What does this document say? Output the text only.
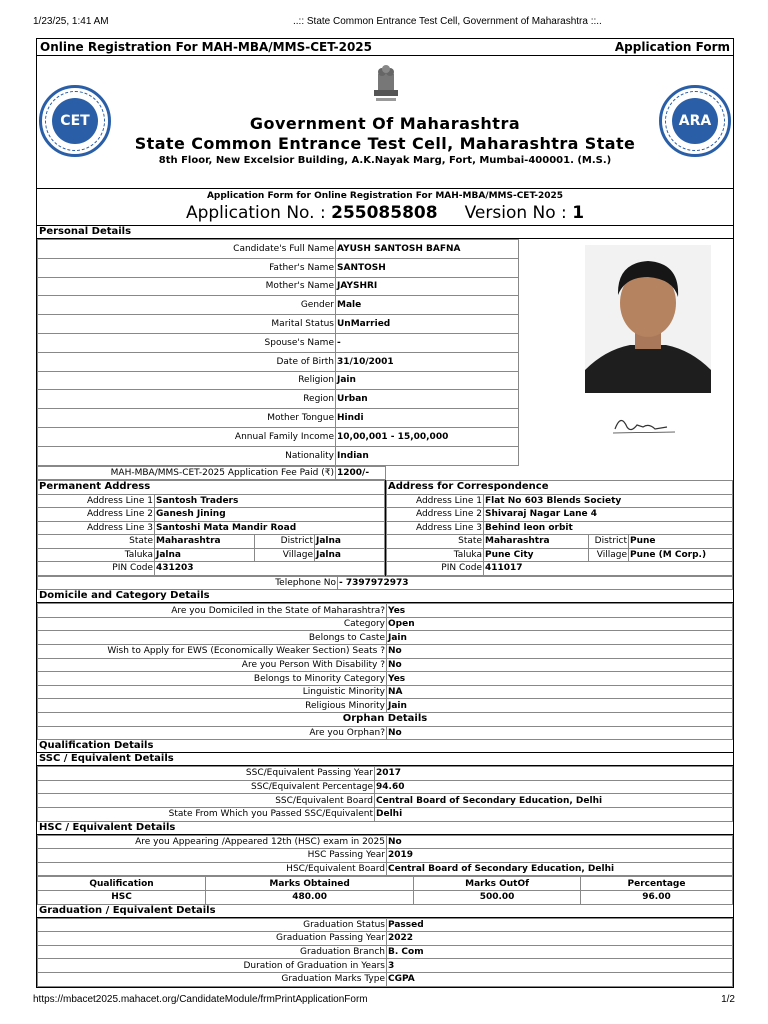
1/23/25, 1:41 AM	..:: State Common Entrance Test Cell, Government of Maharashtra ::..
Online Registration For MAH-MBA/MMS-CET-2025	Application Form
CET	Government Of Maharashtra
State Common Entrance Test Cell, Maharashtra State
8th Floor, New Excelsior Building, A.K.Nayak Marg, Fort, Mumbai-400001. (M.S.)
ARA
Application Form for Online Registration For MAH-MBA/MMS-CET-2025
Application No. : 255085808 Version No : 1
Personal Details
Candidate's Full Name	AYUSH SANTOSH BAFNA
Father's Name	SANTOSH
Mother's Name	JAYSHRI
Gender	Male
Marital Status	UnMarried
Spouse's Name	-
Date of Birth	31/10/2001
Religion	Jain
Region	Urban
Mother Tongue	Hindi
Annual Family Income	10,00,001 - 15,00,000
Nationality	Indian
MAH-MBA/MMS-CET-2025 Application Fee Paid (₹)	1200/-	
Permanent Address			
Address Line 1	Santosh Traders		
Address Line 2	Ganesh Jining		
Address Line 3	Santoshi Mata Mandir Road		
State	Maharashtra	District	Jalna
Taluka	Jalna	Village	Jalna
PIN Code	431203		
Address for Correspondence			
Address Line 1	Flat No 603 Blends Society		
Address Line 2	Shivaraj Nagar Lane 4		
Address Line 3	Behind leon orbit		
State	Maharashtra	District	Pune
Taluka	Pune City	Village	Pune (M Corp.)
PIN Code	411017		
Telephone No	- 7397972973
Domicile and Category Details
Are you Domiciled in the State of Maharashtra?	Yes
Category	Open
Belongs to Caste	Jain
Wish to Apply for EWS (Economically Weaker Section) Seats ?	No
Are you Person With Disability ?	No
Belongs to Minority Category	Yes
Linguistic Minority	NA
Religious Minority	Jain
Orphan Details	
Are you Orphan?	No
Qualification Details
SSC / Equivalent Details
SSC/Equivalent Passing Year	2017
SSC/Equivalent Percentage	94.60
SSC/Equivalent Board	Central Board of Secondary Education, Delhi
State From Which you Passed SSC/Equivalent	Delhi
HSC / Equivalent Details
Are you Appearing /Appeared 12th (HSC) exam in 2025	No
HSC Passing Year	2019
HSC/Equivalent Board	Central Board of Secondary Education, Delhi
Qualification	Marks Obtained	Marks OutOf	Percentage
HSC	480.00	500.00	96.00
Graduation / Equivalent Details
Graduation Status	Passed
Graduation Passing Year	2022
Graduation Branch	B. Com
Duration of Graduation in Years	3
Graduation Marks Type	CGPA
https://mbacet2025.mahacet.org/CandidateModule/frmPrintApplicationForm	1/2
